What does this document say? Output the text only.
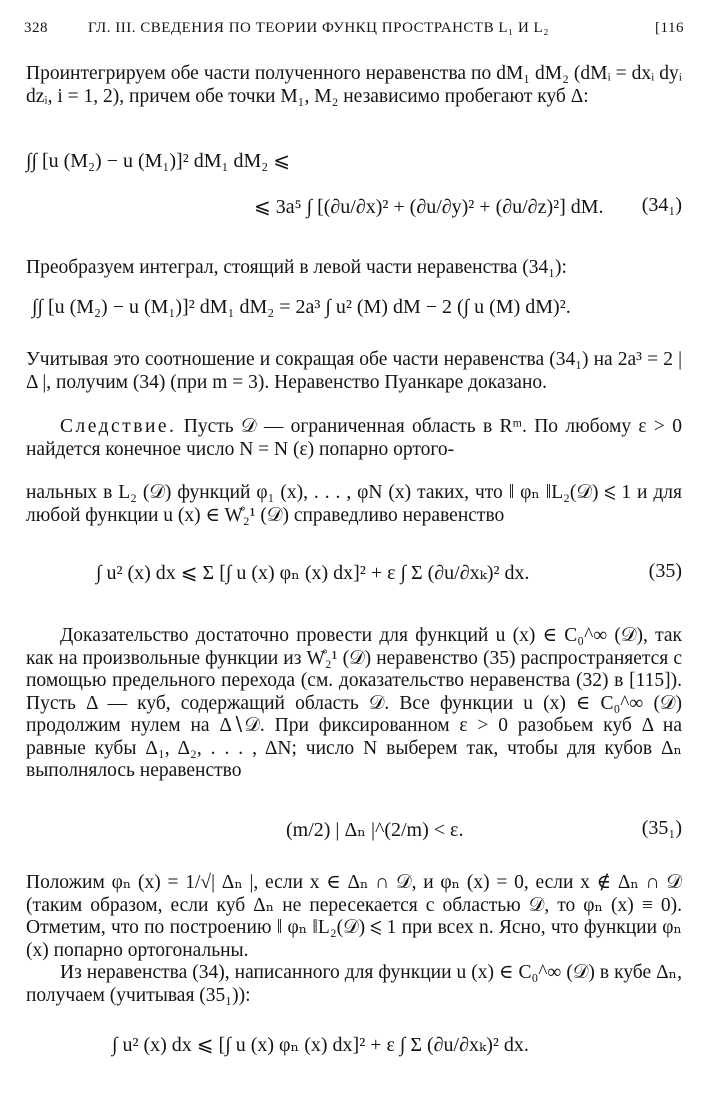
328	ГЛ. III. СВЕДЕНИЯ ПО ТЕОРИИ ФУНКЦ ПРОСТРАНСТВ L₁ И L₂	[116
Проинтегрируем обе части полученного неравенства по dM₁ dM₂ (dMᵢ = dxᵢ dyᵢ dzᵢ, i = 1, 2), причем обе точки M₁, M₂ независимо пробегают куб Δ:
∫∫ [u (M₂) − u (M₁)]² dM₁ dM₂ ⩽
⩽ 3a⁵ ∫ [(∂u/∂x)² + (∂u/∂y)² + (∂u/∂z)²] dM. (34₁)
Преобразуем интеграл, стоящий в левой части неравенства (34₁):
∫∫ [u (M₂) − u (M₁)]² dM₁ dM₂ = 2a³ ∫ u² (M) dM − 2 (∫ u (M) dM)².
Учитывая это соотношение и сокращая обе части неравенства (34₁) на 2a³ = 2 | Δ |, получим (34) (при m = 3). Неравенство Пуанкаре доказано.
Следствие. Пусть 𝒟 — ограниченная область в Rᵐ. По любому ε > 0 найдется конечное число N = N (ε) попарно ортого-
нальных в L₂ (𝒟) функций φ₁ (x), . . . , φN (x) таких, что ‖ φₙ ‖L₂(𝒟) ⩽ 1 и для любой функции u (x) ∈ W̊₂¹ (𝒟) справедливо неравенство
∫ u² (x) dx ⩽ Σ [∫ u (x) φₙ (x) dx]² + ε ∫ Σ (∂u/∂xₖ)² dx.	(35)
Доказательство достаточно провести для функций u (x) ∈ C₀^∞ (𝒟), так как на произвольные функции из W̊₂¹ (𝒟) неравенство (35) распространяется с помощью предельного перехода (см. доказательство неравенства (32) в [115]). Пусть Δ — куб, содержащий область 𝒟. Все функции u (x) ∈ C₀^∞ (𝒟) продолжим нулем на Δ∖𝒟. При фиксированном ε > 0 разобьем куб Δ на равные кубы Δ₁, Δ₂, . . . , ΔN; число N выберем так, чтобы для кубов Δₙ выполнялось неравенство
(m/2) | Δₙ |^(2/m) < ε.	(35₁)
Положим φₙ (x) = 1/√| Δₙ |, если x ∈ Δₙ ∩ 𝒟, и φₙ (x) = 0, если x ∉ Δₙ ∩ 𝒟 (таким образом, если куб Δₙ не пересекается с областью 𝒟, то φₙ (x) ≡ 0). Отметим, что по построению ‖ φₙ ‖L₂(𝒟) ⩽ 1 при всех n. Ясно, что функции φₙ (x) попарно ортогональны.
Из неравенства (34), написанного для функции u (x) ∈ C₀^∞ (𝒟) в кубе Δₙ, получаем (учитывая (35₁)):
∫ u² (x) dx ⩽ [∫ u (x) φₙ (x) dx]² + ε ∫ Σ (∂u/∂xₖ)² dx.
